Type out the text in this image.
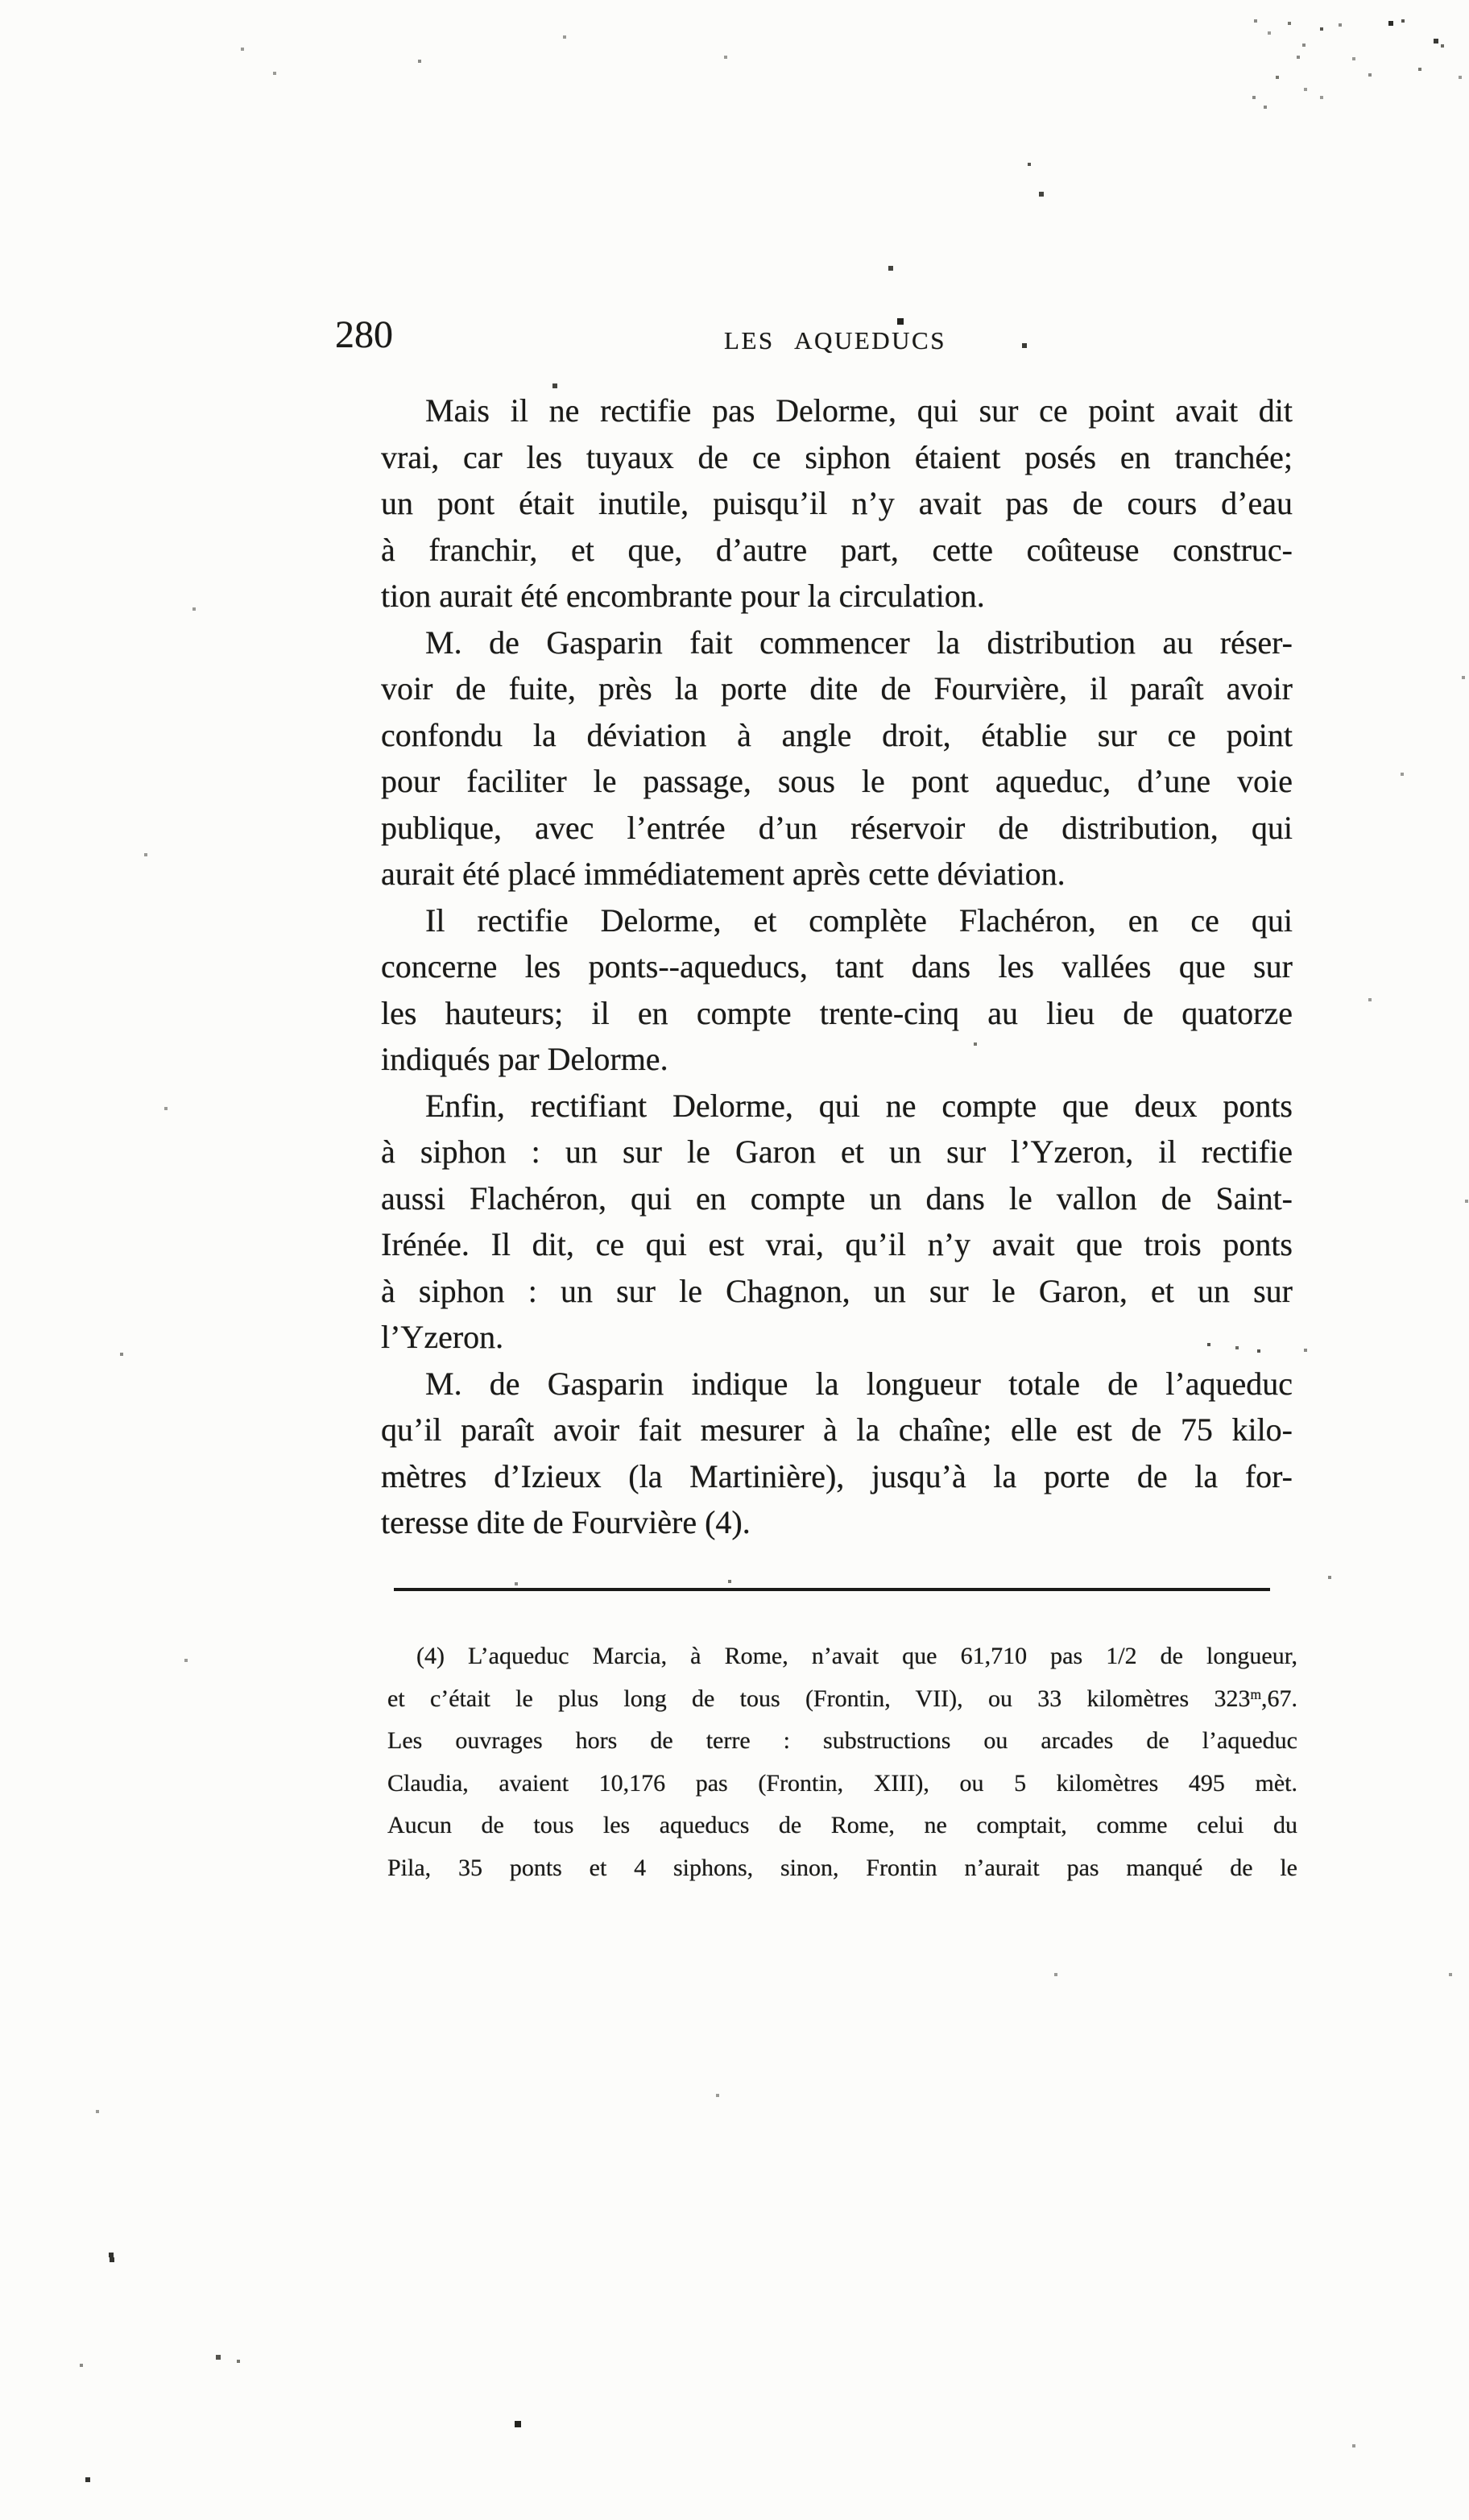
280	LES AQUEDUCS
Mais il ne rectifie pas Delorme, qui sur ce point avait dit
vrai, car les tuyaux de ce siphon étaient posés en tranchée;
un pont était inutile, puisqu’il n’y avait pas de cours d’eau
à franchir, et que, d’autre part, cette coûteuse construc-
tion aurait été encombrante pour la circulation.
M. de Gasparin fait commencer la distribution au réser-
voir de fuite, près la porte dite de Fourvière, il paraît avoir
confondu la déviation à angle droit, établie sur ce point
pour faciliter le passage, sous le pont aqueduc, d’une voie
publique, avec l’entrée d’un réservoir de distribution, qui
aurait été placé immédiatement après cette déviation.
Il rectifie Delorme, et complète Flachéron, en ce qui
concerne les ponts--aqueducs, tant dans les vallées que sur
les hauteurs; il en compte trente-cinq au lieu de quatorze
indiqués par Delorme.
Enfin, rectifiant Delorme, qui ne compte que deux ponts
à siphon : un sur le Garon et un sur l’Yzeron, il rectifie
aussi Flachéron, qui en compte un dans le vallon de Saint-
Irénée. Il dit, ce qui est vrai, qu’il n’y avait que trois ponts
à siphon : un sur le Chagnon, un sur le Garon, et un sur
l’Yzeron.
M. de Gasparin indique la longueur totale de l’aqueduc
qu’il paraît avoir fait mesurer à la chaîne; elle est de 75 kilo-
mètres d’Izieux (la Martinière), jusqu’à la porte de la for-
teresse dite de Fourvière (4).
(4) L’aqueduc Marcia, à Rome, n’avait que 61,710 pas 1/2 de longueur,
et c’était le plus long de tous (Frontin, VII), ou 33 kilomètres 323$^m$,67.
Les ouvrages hors de terre : substructions ou arcades de l’aqueduc
Claudia, avaient 10,176 pas (Frontin, XIII), ou 5 kilomètres 495 mèt.
Aucun de tous les aqueducs de Rome, ne comptait, comme celui du
Pila, 35 ponts et 4 siphons, sinon, Frontin n’aurait pas manqué de le
